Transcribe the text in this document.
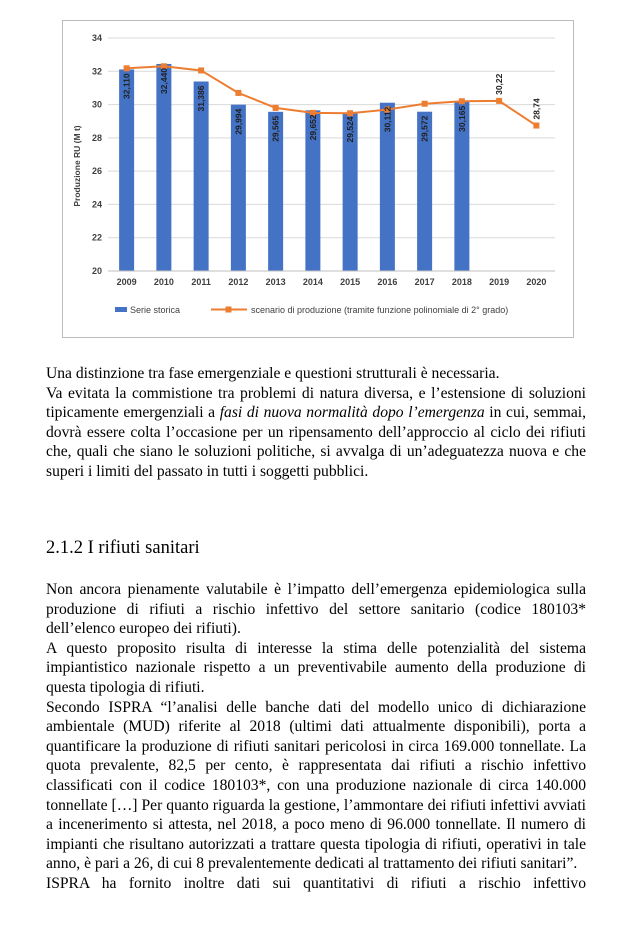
32,110	32,440
31,386
29,994	29,565	29,652	29,524	30,112	29,572	30,165
30,22
28,74
20
22
24
26
28
30
32
34
2009 2010 2011 2012 2013 2014 2015 2016 2017 2018 2019 2020
Produzione RU (M t)
Serie storica	scenario di produzione (tramite funzione polinomiale di 2° grado)
Una distinzione tra fase emergenziale e questioni strutturali è necessaria.
Va evitata la commistione tra problemi di natura diversa, e l’estensione di soluzioni tipicamente emergenziali a fasi di nuova normalità dopo l’emergenza in cui, semmai, dovrà essere colta l’occasione per un ripensamento dell’approccio al ciclo dei rifiuti che, quali che siano le soluzioni politiche, si avvalga di un’adeguatezza nuova e che superi i limiti del passato in tutti i soggetti pubblici.
2.1.2 I rifiuti sanitari
Non ancora pienamente valutabile è l’impatto dell’emergenza epidemiologica sulla produzione di rifiuti a rischio infettivo del settore sanitario (codice 180103* dell’elenco europeo dei rifiuti).
A questo proposito risulta di interesse la stima delle potenzialità del sistema impiantistico nazionale rispetto a un preventivabile aumento della produzione di questa tipologia di rifiuti.
Secondo ISPRA “l’analisi delle banche dati del modello unico di dichiarazione ambientale (MUD) riferite al 2018 (ultimi dati attualmente disponibili), porta a quantificare la produzione di rifiuti sanitari pericolosi in circa 169.000 tonnellate. La quota prevalente, 82,5 per cento, è rappresentata dai rifiuti a rischio infettivo classificati con il codice 180103*, con una produzione nazionale di circa 140.000 tonnellate […] Per quanto riguarda la gestione, l’ammontare dei rifiuti infettivi avviati a incenerimento si attesta, nel 2018, a poco meno di 96.000 tonnellate. Il numero di impianti che risultano autorizzati a trattare questa tipologia di rifiuti, operativi in tale anno, è pari a 26, di cui 8 prevalentemente dedicati al trattamento dei rifiuti sanitari”.
ISPRA ha fornito inoltre dati sui quantitativi di rifiuti a rischio infettivo
